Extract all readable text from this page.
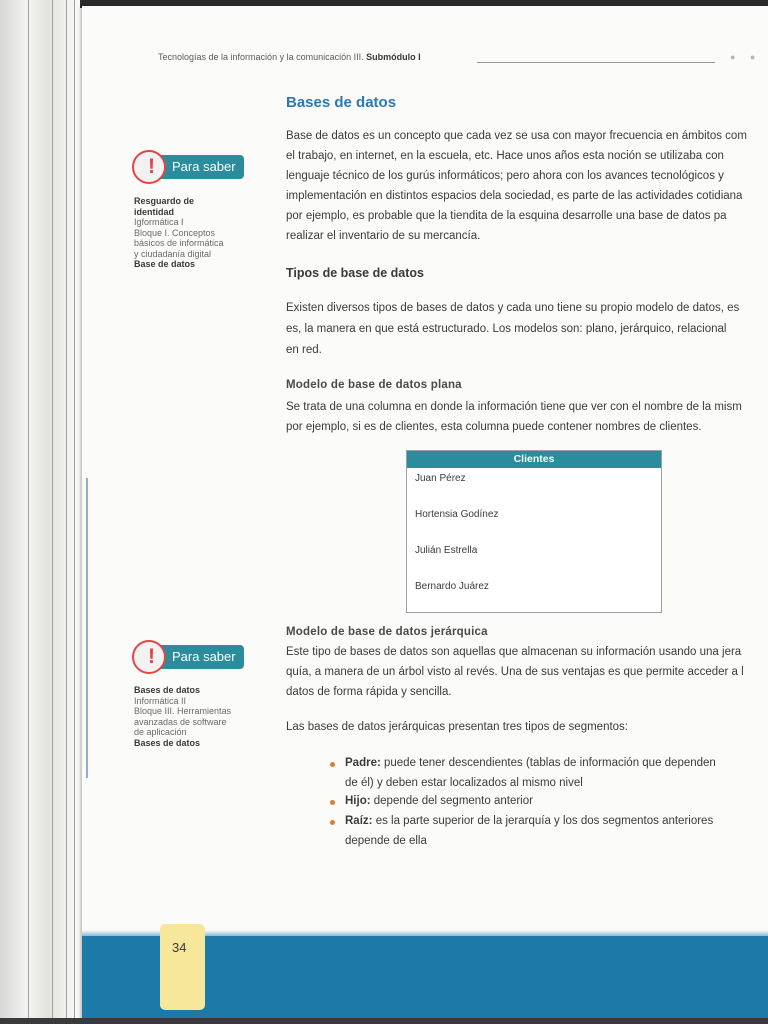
Tecnologías de la información y la comunicación III. Submódulo I	● ●
Bases de datos
Base de datos es un concepto que cada vez se usa con mayor frecuencia en ámbitos com
el trabajo, en internet, en la escuela, etc. Hace unos años esta noción se utilizaba con
lenguaje técnico de los gurús informáticos; pero ahora con los avances tecnológicos y
implementación en distintos espacios dela sociedad, es parte de las actividades cotidiana
por ejemplo, es probable que la tiendita de la esquina desarrolle una base de datos pa
realizar el inventario de su mercancía.
Tipos de base de datos
Existen diversos tipos de bases de datos y cada uno tiene su propio modelo de datos, es
es, la manera en que está estructurado. Los modelos son: plano, jerárquico, relacional
en red.
Modelo de base de datos plana
Se trata de una columna en donde la información tiene que ver con el nombre de la mism
por ejemplo, si es de clientes, esta columna puede contener nombres de clientes.
Clientes
Juan Pérez
Hortensia Godínez
Julián Estrella
Bernardo Juárez
Modelo de base de datos jerárquica
Este tipo de bases de datos son aquellas que almacenan su información usando una jera
quía, a manera de un árbol visto al revés. Una de sus ventajas es que permite acceder a l
datos de forma rápida y sencilla.
Las bases de datos jerárquicas presentan tres tipos de segmentos:
Padre: puede tener descendientes (tablas de información que dependen
de él) y deben estar localizados al mismo nivel
Hijo: depende del segmento anterior
Raíz: es la parte superior de la jerarquía y los dos segmentos anteriores
depende de ella
Para saber
!
Resguardo de
identidad
Igformática I
Bloque I. Conceptos
básicos de informática
y ciudadanía digital
Base de datos
Para saber
!
Bases de datos
Informática II
Bloque III. Herramientas
avanzadas de software
de aplicación
Bases de datos
34
